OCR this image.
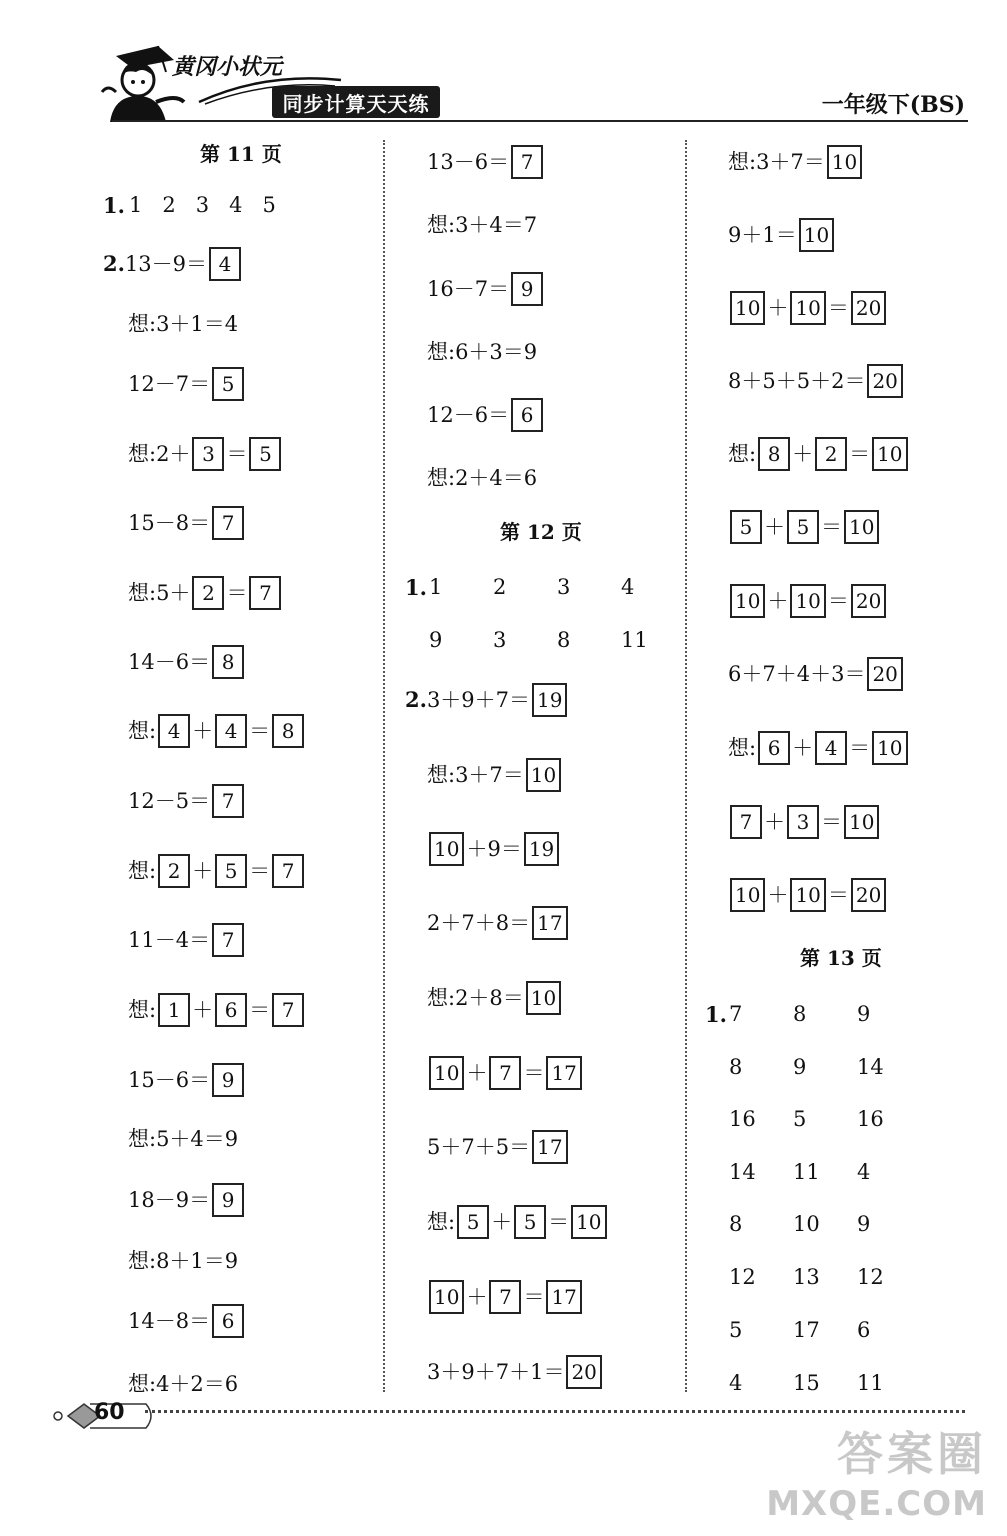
黄冈小状元
同步计算天天练	一年级下(BS)
第 11 页
1. 1 2 3 4 5
2. 13－9＝ 4
想:3＋1＝4
12－7＝ 5
想:2＋ 3 ＝ 5
15－8＝ 7
想:5＋ 2 ＝ 7
14－6＝ 8
想: 4 ＋ 4 ＝ 8
12－5＝ 7
想: 2 ＋ 5 ＝ 7
11－4＝ 7
想: 1 ＋ 6 ＝ 7
15－6＝ 9
想:5＋4＝9
18－9＝ 9
想:8＋1＝9
14－8＝ 6
想:4＋2＝6
13－6＝ 7
想:3＋4＝7
16－7＝ 9
想:6＋3＝9
12－6＝ 6
想:2＋4＝6
第 12 页
1. 1	2	3	4
9	3	8	11
2. 3＋9＋7＝ 19
想:3＋7＝ 10
10 ＋9＝ 19
2＋7＋8＝ 17
想:2＋8＝ 10
10 ＋ 7 ＝ 17
5＋7＋5＝ 17
想: 5 ＋ 5 ＝ 10
10 ＋ 7 ＝ 17
3＋9＋7＋1＝ 20
想:3＋7＝ 10
9＋1＝ 10
10 ＋ 10 ＝ 20
8＋5＋5＋2＝ 20
想: 8 ＋ 2 ＝ 10
5 ＋ 5 ＝ 10
10 ＋ 10 ＝ 20
6＋7＋4＋3＝ 20
想: 6 ＋ 4 ＝ 10
7 ＋ 3 ＝ 10
10 ＋ 10 ＝ 20
第 13 页
1. 7	8	9
8	9	14
16	5	16
14	11	4
8	10	9
12	13	12
5	17	6
4	15	11
60
答案圈
MXQE.COM
